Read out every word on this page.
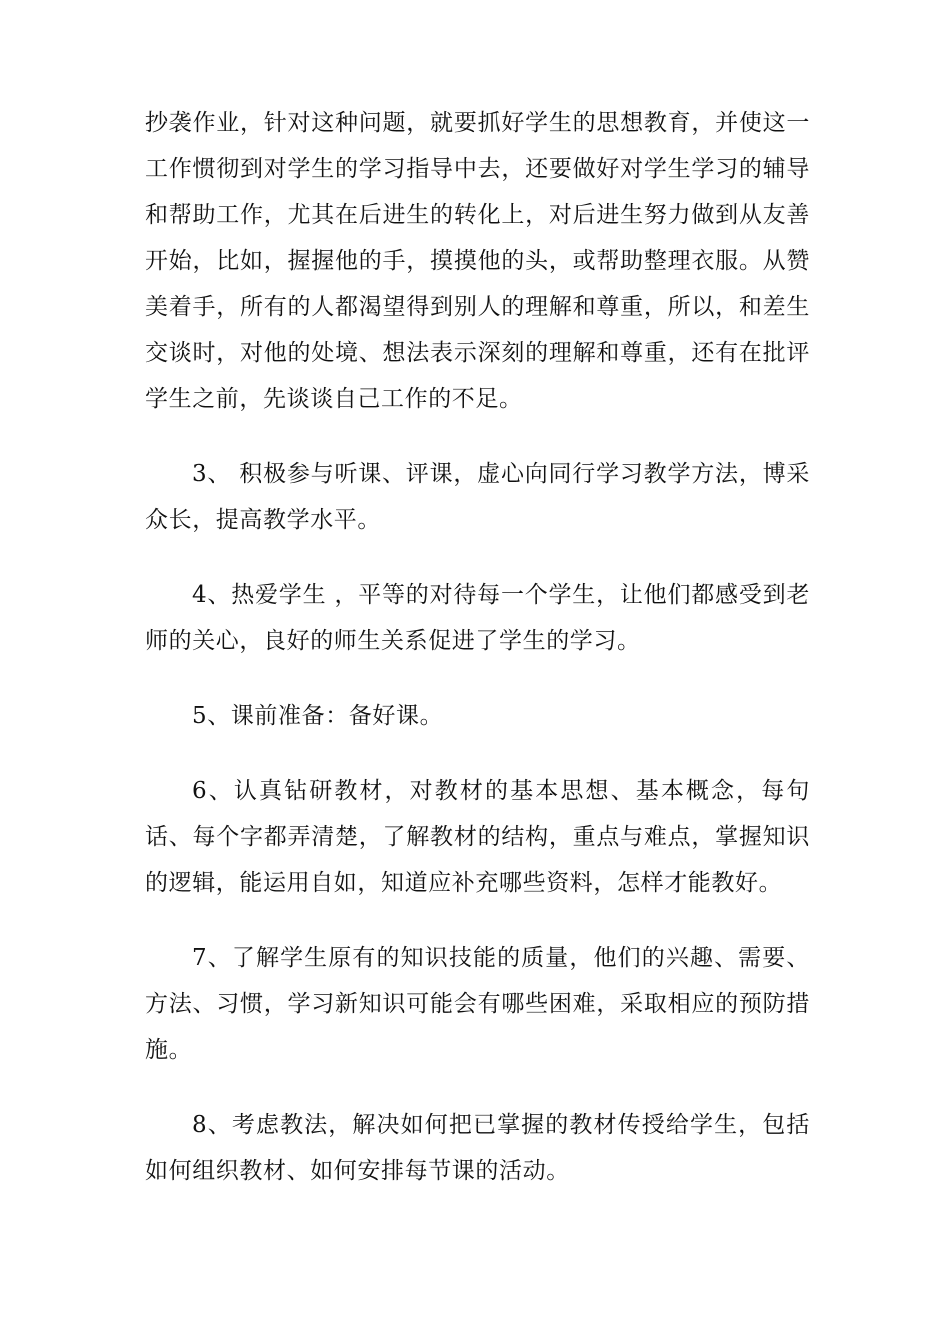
抄袭作业，针对这种问题，就要抓好学生的思想教育，并使这一工作惯彻到对学生的学习指导中去，还要做好对学生学习的辅导和帮助工作，尤其在后进生的转化上，对后进生努力做到从友善开始，比如，握握他的手，摸摸他的头，或帮助整理衣服。从赞美着手，所有的人都渴望得到别人的理解和尊重，所以，和差生交谈时，对他的处境、想法表示深刻的理解和尊重，还有在批评学生之前，先谈谈自己工作的不足。

3、 积极参与听课、评课，虚心向同行学习教学方法，博采众长，提高教学水平。

4、热爱学生 ，平等的对待每一个学生，让他们都感受到老师的关心，良好的师生关系促进了学生的学习。

5、课前准备：备好课。

6、认真钻研教材，对教材的基本思想、基本概念，每句话、每个字都弄清楚，了解教材的结构，重点与难点，掌握知识的逻辑，能运用自如，知道应补充哪些资料，怎样才能教好。

7、了解学生原有的知识技能的质量，他们的兴趣、需要、方法、习惯，学习新知识可能会有哪些困难，采取相应的预防措施。

8、考虑教法，解决如何把已掌握的教材传授给学生，包括如何组织教材、如何安排每节课的活动。
